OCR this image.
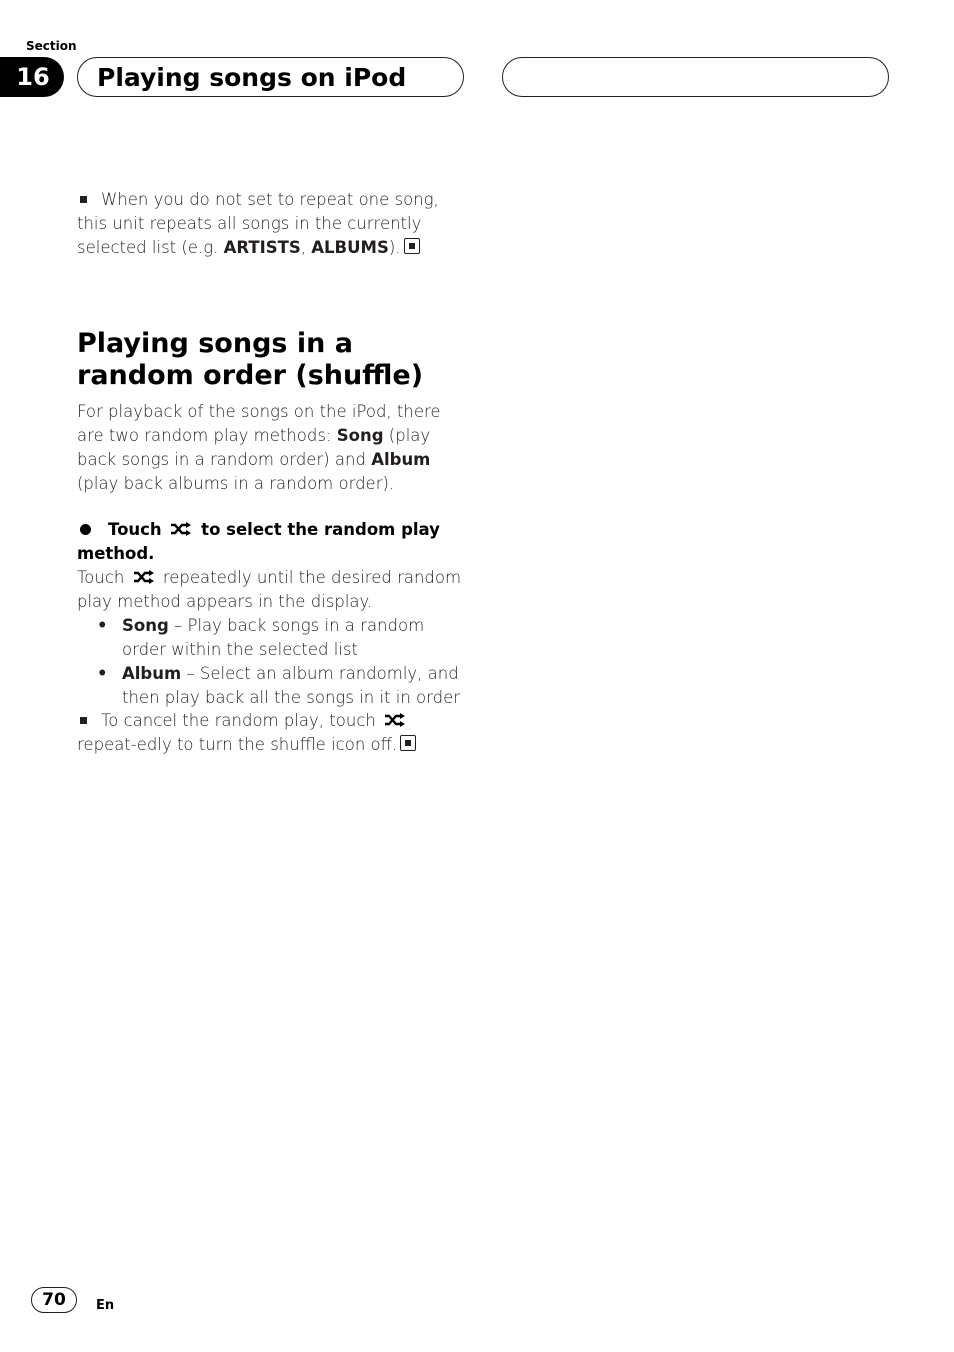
Section
16	Playing songs on iPod
When you do not set to repeat one song, this unit repeats all songs in the currently selected list (e.g. ARTISTS, ALBUMS).
Playing songs in a random order (shuffle)
For playback of the songs on the iPod, there are two random play methods: Song (play back songs in a random order) and Album (play back albums in a random order).
Touch  to select the random play method.
Touch  repeatedly until the desired random play method appears in the display.
• Song – Play back songs in a random order within the selected list
• Album – Select an album randomly, and then play back all the songs in it in order
To cancel the random play, touch  repeat-edly to turn the shuffle icon off.
70	En
